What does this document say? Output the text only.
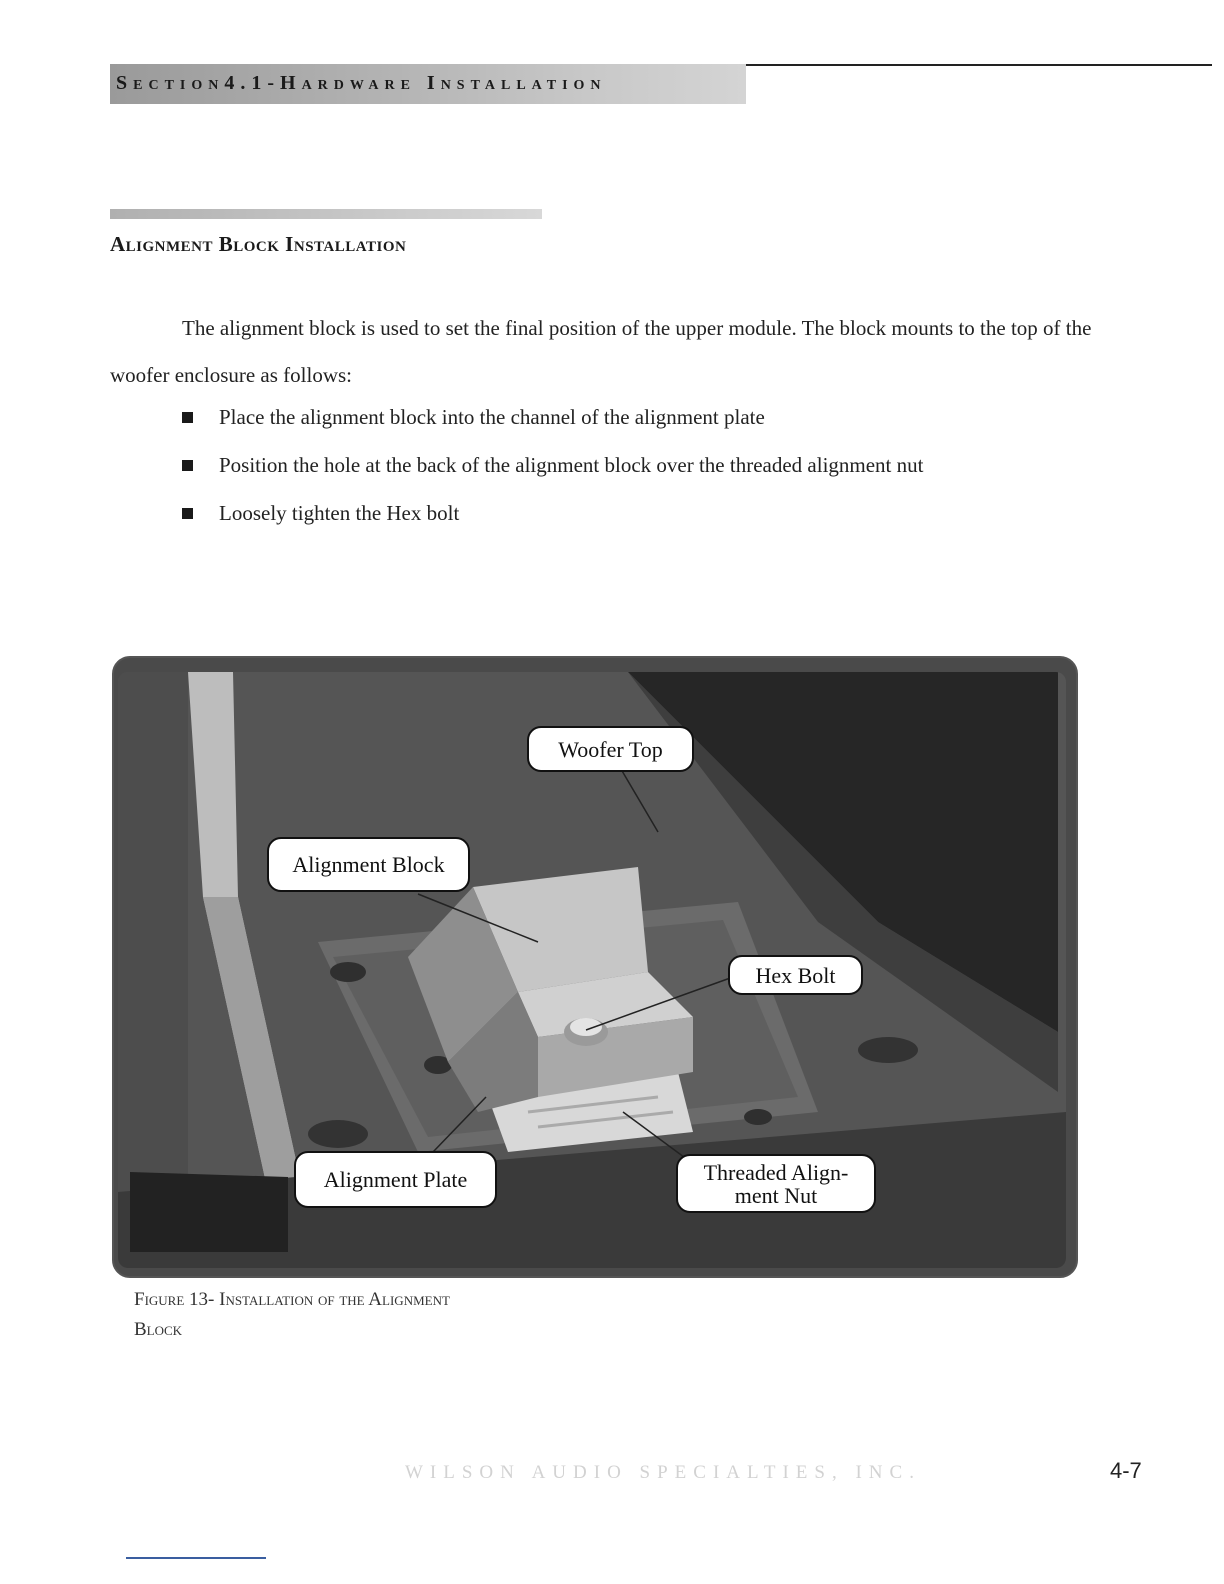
Section4.1-Hardware Installation
Alignment Block Installation
The alignment block is used to set the final position of the upper module. The block mounts to the top of the woofer enclosure as follows:
Place the alignment block into the channel of the alignment plate
Position the hole at the back of the alignment block over the threaded alignment nut
Loosely tighten the Hex bolt
Woofer Top
Alignment Block
Hex Bolt
Alignment Plate	Threaded Align-
ment Nut
Figure 13- Installation of the Alignment
Block
WILSON AUDIO SPECIALTIES, INC.	4-7
